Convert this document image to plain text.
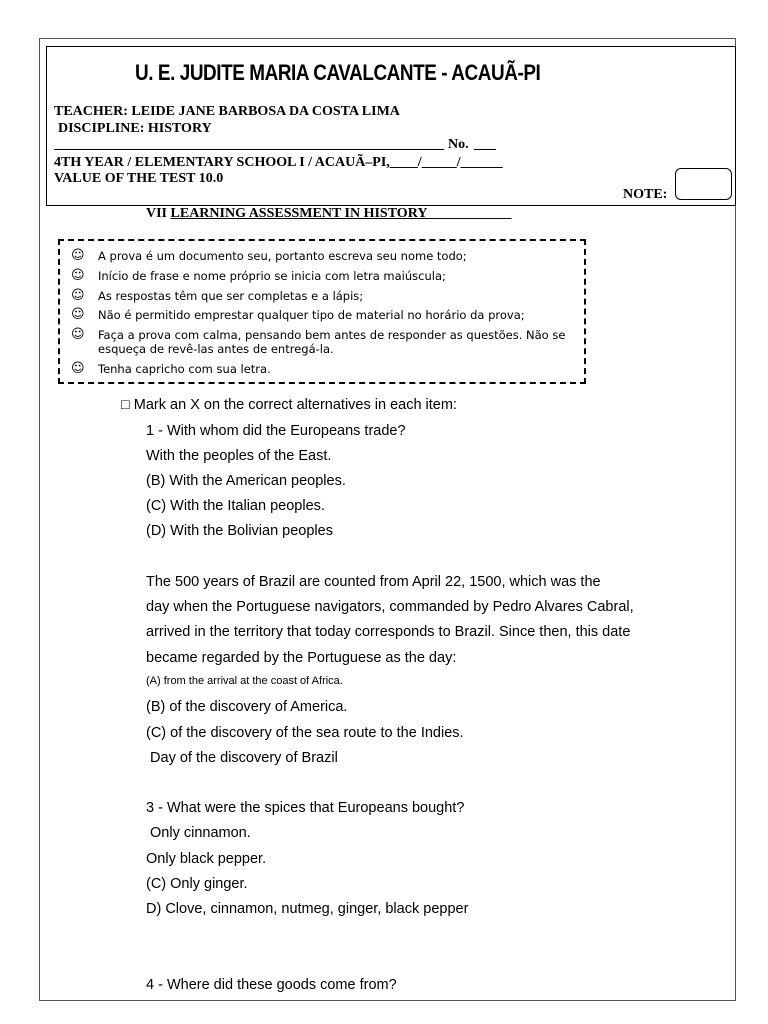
U. E. JUDITE MARIA CAVALCANTE - ACAUÃ-PI
TEACHER: LEIDE JANE BARBOSA DA COSTA LIMA
DISCIPLINE: HISTORY
No.
4TH YEAR / ELEMENTARY SCHOOL I / ACAUÃ–PI,____/_____/______
VALUE OF THE TEST 10.0
NOTE:
VII LEARNING ASSESSMENT IN HISTORY____________
☺ A prova é um documento seu, portanto escreva seu nome todo;
☺ Início de frase e nome próprio se inicia com letra maiúscula;
☺ As respostas têm que ser completas e a lápis;
☺ Não é permitido emprestar qualquer tipo de material no horário da prova;
☺ Faça a prova com calma, pensando bem antes de responder as questões. Não se esqueça de revê-las antes de entregá-la.
☺ Tenha capricho com sua letra.
□ Mark an X on the correct alternatives in each item:
1 - With whom did the Europeans trade?
With the peoples of the East.
(B) With the American peoples.
(C) With the Italian peoples.
(D) With the Bolivian peoples
The 500 years of Brazil are counted from April 22, 1500, which was the
day when the Portuguese navigators, commanded by Pedro Alvares Cabral,
arrived in the territory that today corresponds to Brazil. Since then, this date
became regarded by the Portuguese as the day:
(A) from the arrival at the coast of Africa.
(B) of the discovery of America.
(C) of the discovery of the sea route to the Indies.
Day of the discovery of Brazil
3 - What were the spices that Europeans bought?
Only cinnamon.
Only black pepper.
(C) Only ginger.
D) Clove, cinnamon, nutmeg, ginger, black pepper
4 - Where did these goods come from?
